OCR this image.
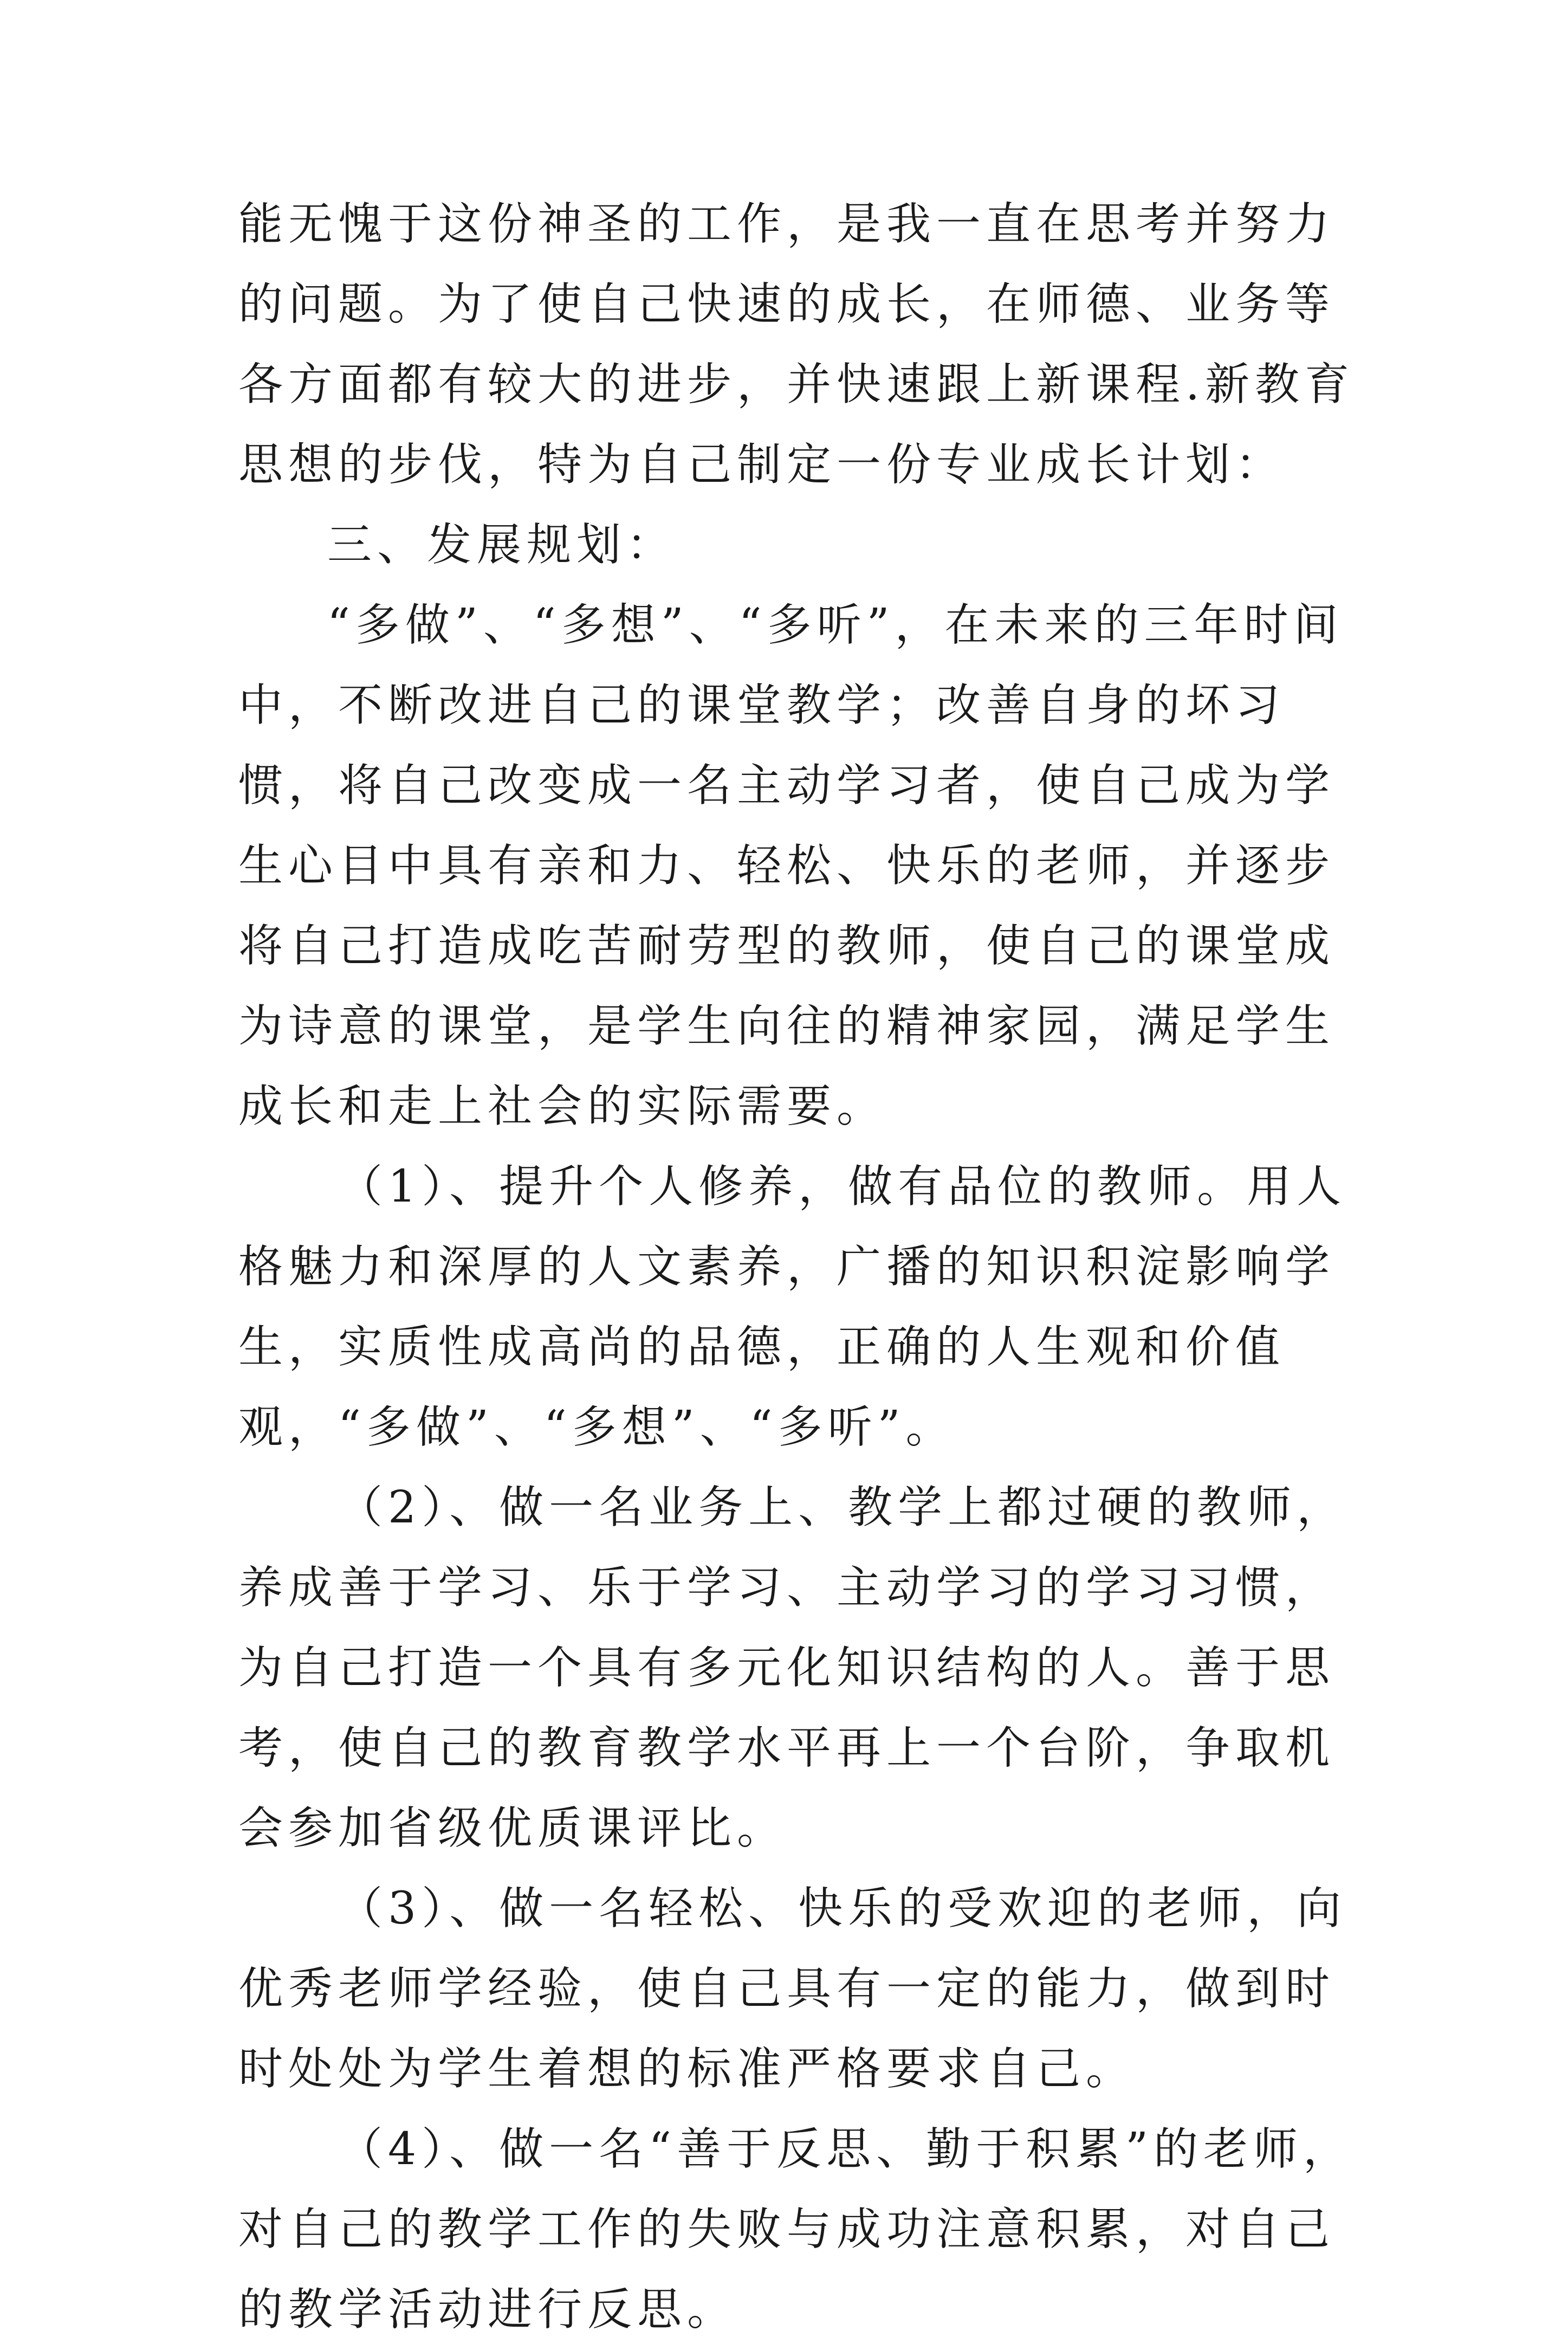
能无愧于这份神圣的工作，是我一直在思考并努力的问题。为了使自己快速的成长，在师德、业务等各方面都有较大的进步，并快速跟上新课程.新教育思想的步伐，特为自己制定一份专业成长计划：

三、发展规划：

“多做”、“多想”、“多听”，在未来的三年时间中，不断改进自己的课堂教学；改善自身的坏习惯，将自己改变成一名主动学习者，使自己成为学生心目中具有亲和力、轻松、快乐的老师，并逐步将自己打造成吃苦耐劳型的教师，使自己的课堂成为诗意的课堂，是学生向往的精神家园，满足学生成长和走上社会的实际需要。

（1）、提升个人修养，做有品位的教师。用人格魅力和深厚的人文素养，广播的知识积淀影响学生，实质性成高尚的品德，正确的人生观和价值观，“多做”、“多想”、“多听”。

（2）、做一名业务上、教学上都过硬的教师，养成善于学习、乐于学习、主动学习的学习习惯，为自己打造一个具有多元化知识结构的人。善于思考，使自己的教育教学水平再上一个台阶，争取机会参加省级优质课评比。

（3）、做一名轻松、快乐的受欢迎的老师，向优秀老师学经验，使自己具有一定的能力，做到时时处处为学生着想的标准严格要求自己。

（4）、做一名“善于反思、勤于积累”的老师，对自己的教学工作的失败与成功注意积累，对自己的教学活动进行反思。
